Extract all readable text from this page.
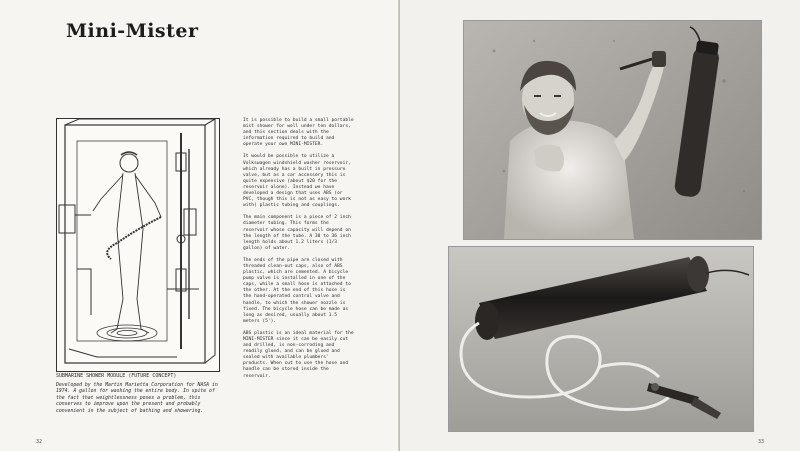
Mini-Mister
SUBMARINE SHOWER MODULE (FUTURE CONCEPT)
Developed by the Martin Marietta Corporation for NASA in 1974. A gallon for washing the entire body. In spite of the fact that weightlessness poses a problem, this conserves to improve upon the present and probably convenient in the subject of bathing and showering.

It is possible to build a small portable mist shower for well under ten dollars, and this section deals with the information required to build and operate your own MINI-MISTER.

It would be possible to utilize a Volkswagen windshield washer reservoir, which already has a built in pressure valve, but as a car accessory this is quite expensive (about $20 for the reservoir alone). Instead we have developed a design that uses ABS (or PVC, though this is not as easy to work with) plastic tubing and couplings.

The main component is a piece of 2 inch diameter tubing. This forms the reservoir whose capacity will depend on the length of the tube. A 30 to 36 inch length holds about 1.2 liters (1/3 gallon) of water.

The ends of the pipe are closed with threaded clean-out caps, also of ABS plastic, which are cemented. A bicycle pump valve is installed in one of the caps, while a small hose is attached to the other. At the end of this hose is the hand-operated control valve and handle, to which the shower nozzle is fixed. The bicycle hose can be made as long as desired, usually about 1.5 meters (5').

ABS plastic is an ideal material for the MINI-MISTER since it can be easily cut and drilled, is non-corroding and readily glued, and can be glued and sealed with available plumbers' products. When cut to use the hose and handle can be stored inside the reservoir.

32	33
